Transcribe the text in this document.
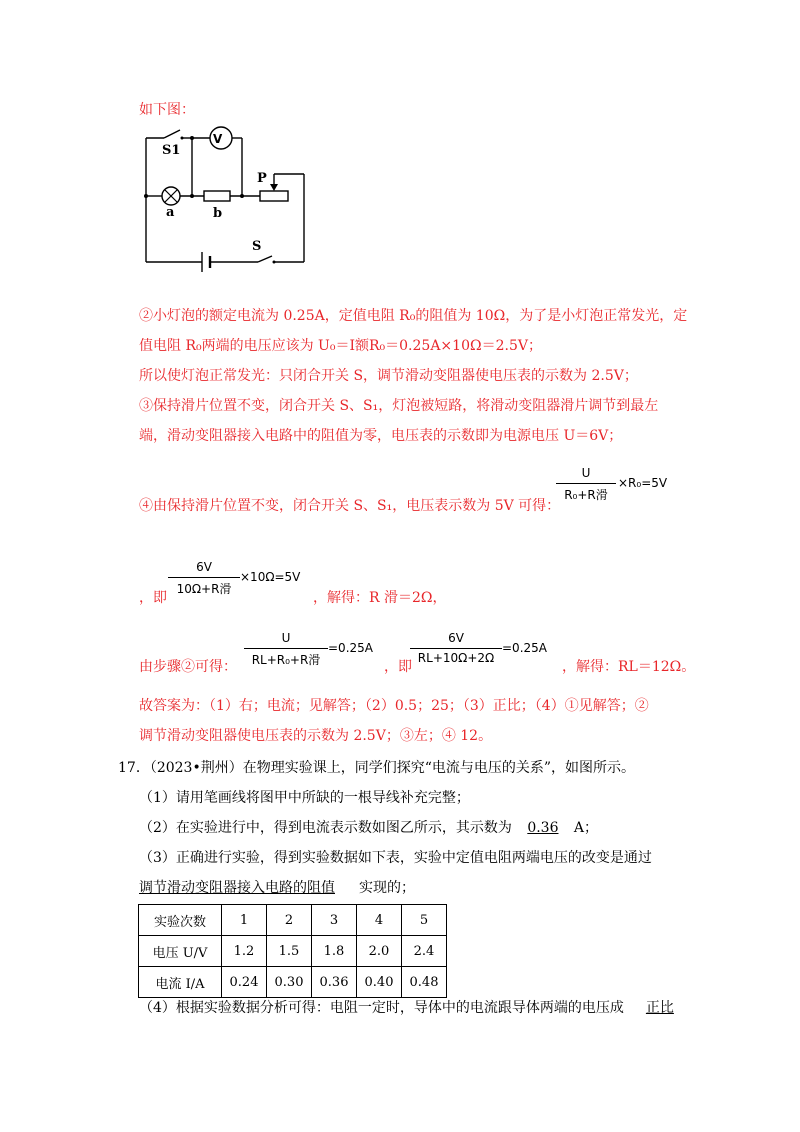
如下图：
V
S1
a	b
P
S
②小灯泡的额定电流为 0.25A，定值电阻 R₀的阻值为 10Ω，为了是小灯泡正常发光，定
值电阻 R₀两端的电压应该为 U₀＝I额R₀＝0.25A×10Ω＝2.5V；
所以使灯泡正常发光：只闭合开关 S，调节滑动变阻器使电压表的示数为 2.5V；
③保持滑片位置不变，闭合开关 S、S₁，灯泡被短路，将滑动变阻器滑片调节到最左
端，滑动变阻器接入电路中的阻值为零，电压表的示数即为电源电压 U＝6V；
④由保持滑片位置不变，闭合开关 S、S₁，电压表示数为 5V 可得：
U
R₀+R滑
×R₀=5V
6V
10Ω+R滑
×10Ω=5V
，即	，解得：R 滑＝2Ω，
由步骤②可得：
U
RL+R₀+R滑
=0.25A
，即
6V
RL+10Ω+2Ω
=0.25A
，解得：RL＝12Ω。
故答案为：（1）右；电流；见解答；（2）0.5；25；（3）正比；（4）①见解答；②
调节滑动变阻器使电压表的示数为 2.5V；③左；④ 12。
17．（2023•荆州）在物理实验课上，同学们探究“电流与电压的关系”，如图所示。
（1）请用笔画线将图甲中所缺的一根导线补充完整；
（2）在实验进行中，得到电流表示数如图乙所示，其示数为 0.36 A；
（3）正确进行实验，得到实验数据如下表，实验中定值电阻两端电压的改变是通过
调节滑动变阻器接入电路的阻值 实现的；
实验次数	1	2	3	4	5
电压 U/V	1.2	1.5	1.8	2.0	2.4
电流 I/A	0.24	0.30	0.36	0.40	0.48
（4）根据实验数据分析可得：电阻一定时，导体中的电流跟导体两端的电压成 正比
